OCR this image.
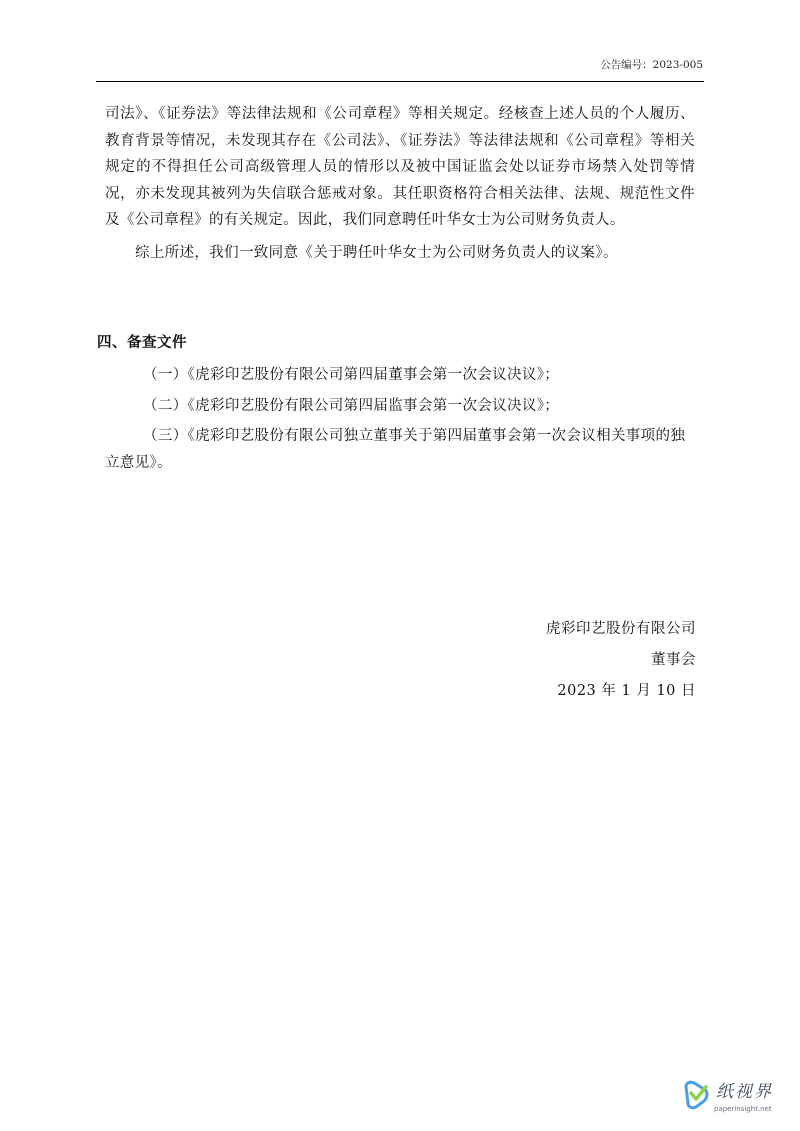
公告编号：2023-005

司法》、《证券法》等法律法规和《公司章程》等相关规定。经核查上述人员的个人履历、教育背景等情况，未发现其存在《公司法》、《证券法》等法律法规和《公司章程》等相关规定的不得担任公司高级管理人员的情形以及被中国证监会处以证券市场禁入处罚等情况，亦未发现其被列为失信联合惩戒对象。其任职资格符合相关法律、法规、规范性文件及《公司章程》的有关规定。因此，我们同意聘任叶华女士为公司财务负责人。

综上所述，我们一致同意《关于聘任叶华女士为公司财务负责人的议案》。

四、备查文件

（一）《虎彩印艺股份有限公司第四届董事会第一次会议决议》；

（二）《虎彩印艺股份有限公司第四届监事会第一次会议决议》；

（三）《虎彩印艺股份有限公司独立董事关于第四届董事会第一次会议相关事项的独立意见》。

虎彩印艺股份有限公司
董事会
2023 年 1 月 10 日
纸视界
paperinsight.net
